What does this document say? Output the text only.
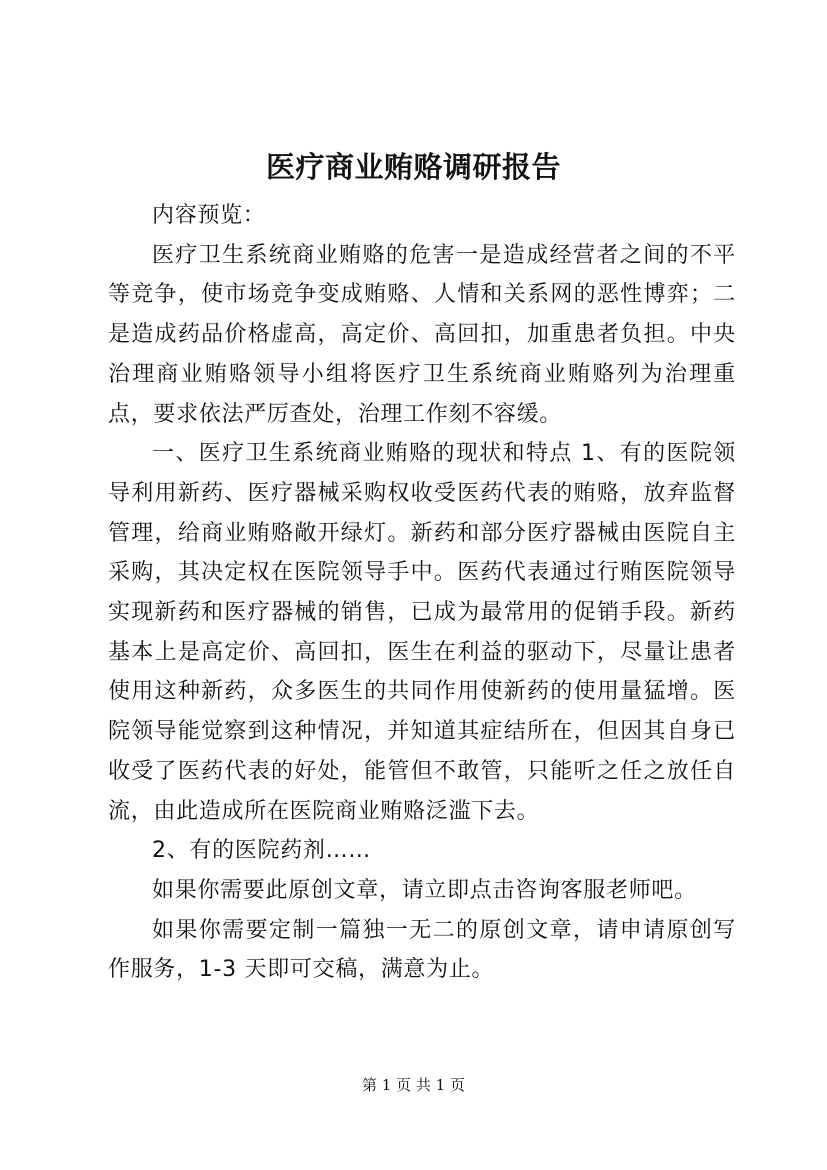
医疗商业贿赂调研报告

内容预览：

医疗卫生系统商业贿赂的危害一是造成经营者之间的不平等竞争，使市场竞争变成贿赂、人情和关系网的恶性博弈；二是造成药品价格虚高，高定价、高回扣，加重患者负担。中央治理商业贿赂领导小组将医疗卫生系统商业贿赂列为治理重点，要求依法严厉查处，治理工作刻不容缓。

一、医疗卫生系统商业贿赂的现状和特点 1、有的医院领导利用新药、医疗器械采购权收受医药代表的贿赂，放弃监督管理，给商业贿赂敞开绿灯。新药和部分医疗器械由医院自主采购，其决定权在医院领导手中。医药代表通过行贿医院领导实现新药和医疗器械的销售，已成为最常用的促销手段。新药基本上是高定价、高回扣，医生在利益的驱动下，尽量让患者使用这种新药，众多医生的共同作用使新药的使用量猛增。医院领导能觉察到这种情况，并知道其症结所在，但因其自身已收受了医药代表的好处，能管但不敢管，只能听之任之放任自流，由此造成所在医院商业贿赂泛滥下去。

2、有的医院药剂……

如果你需要此原创文章，请立即点击咨询客服老师吧。

如果你需要定制一篇独一无二的原创文章，请申请原创写作服务，1-3 天即可交稿，满意为止。

第 1 页 共 1 页
